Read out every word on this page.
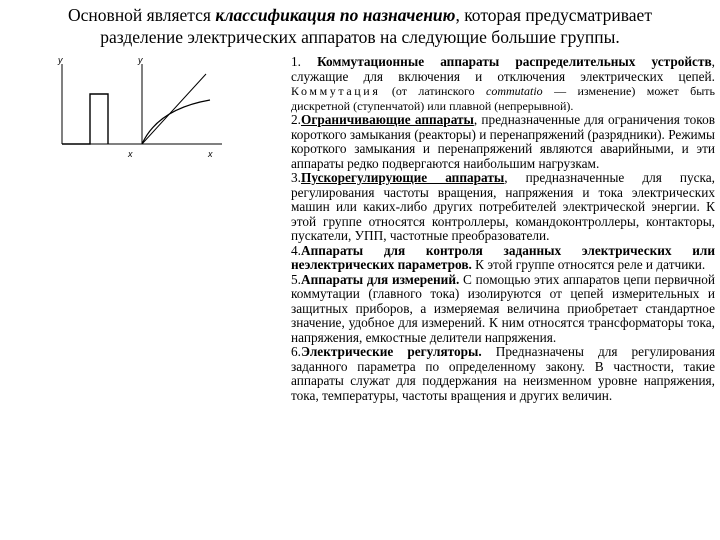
Основной является классификация по назначению, которая предусматривает
разделение электрических аппаратов на следующие большие группы.
y
x
y
x

1. Коммутационные аппараты распределительных устройств, служащие для включения и отключения электрических цепей. Коммутация (от латинского commutatio — изменение) может быть дискретной (ступенчатой) или плавной (непрерывной).

2.Ограничивающие аппараты, предназначенные для ограничения токов короткого замыкания (реакторы) и перенапряжений (разрядники). Режимы короткого замыкания и перенапряжений являются аварийными, и эти аппараты редко подвергаются наибольшим нагрузкам.

3.Пускорегулирующие аппараты, предназначенные для пуска, регулирования частоты вращения, напряжения и тока электрических машин или каких-либо других потребителей электрической энергии. К этой группе относятся контроллеры, командоконтроллеры, контакторы, пускатели, УПП, частотные преобразователи.

4.Аппараты для контроля заданных электрических или неэлектрических параметров. К этой группе относятся реле и датчики.

5.Аппараты для измерений. С помощью этих аппаратов цепи первичной коммутации (главного тока) изолируются от цепей измерительных и защитных приборов, а измеряемая величина приобретает стандартное значение, удобное для измерений. К ним относятся трансформаторы тока, напряжения, емкостные делители напряжения.

6.Электрические регуляторы. Предназначены для регулирования заданного параметра по определенному закону. В частности, такие аппараты служат для поддержания на неизменном уровне напряжения, тока, температуры, частоты вращения и других величин.
